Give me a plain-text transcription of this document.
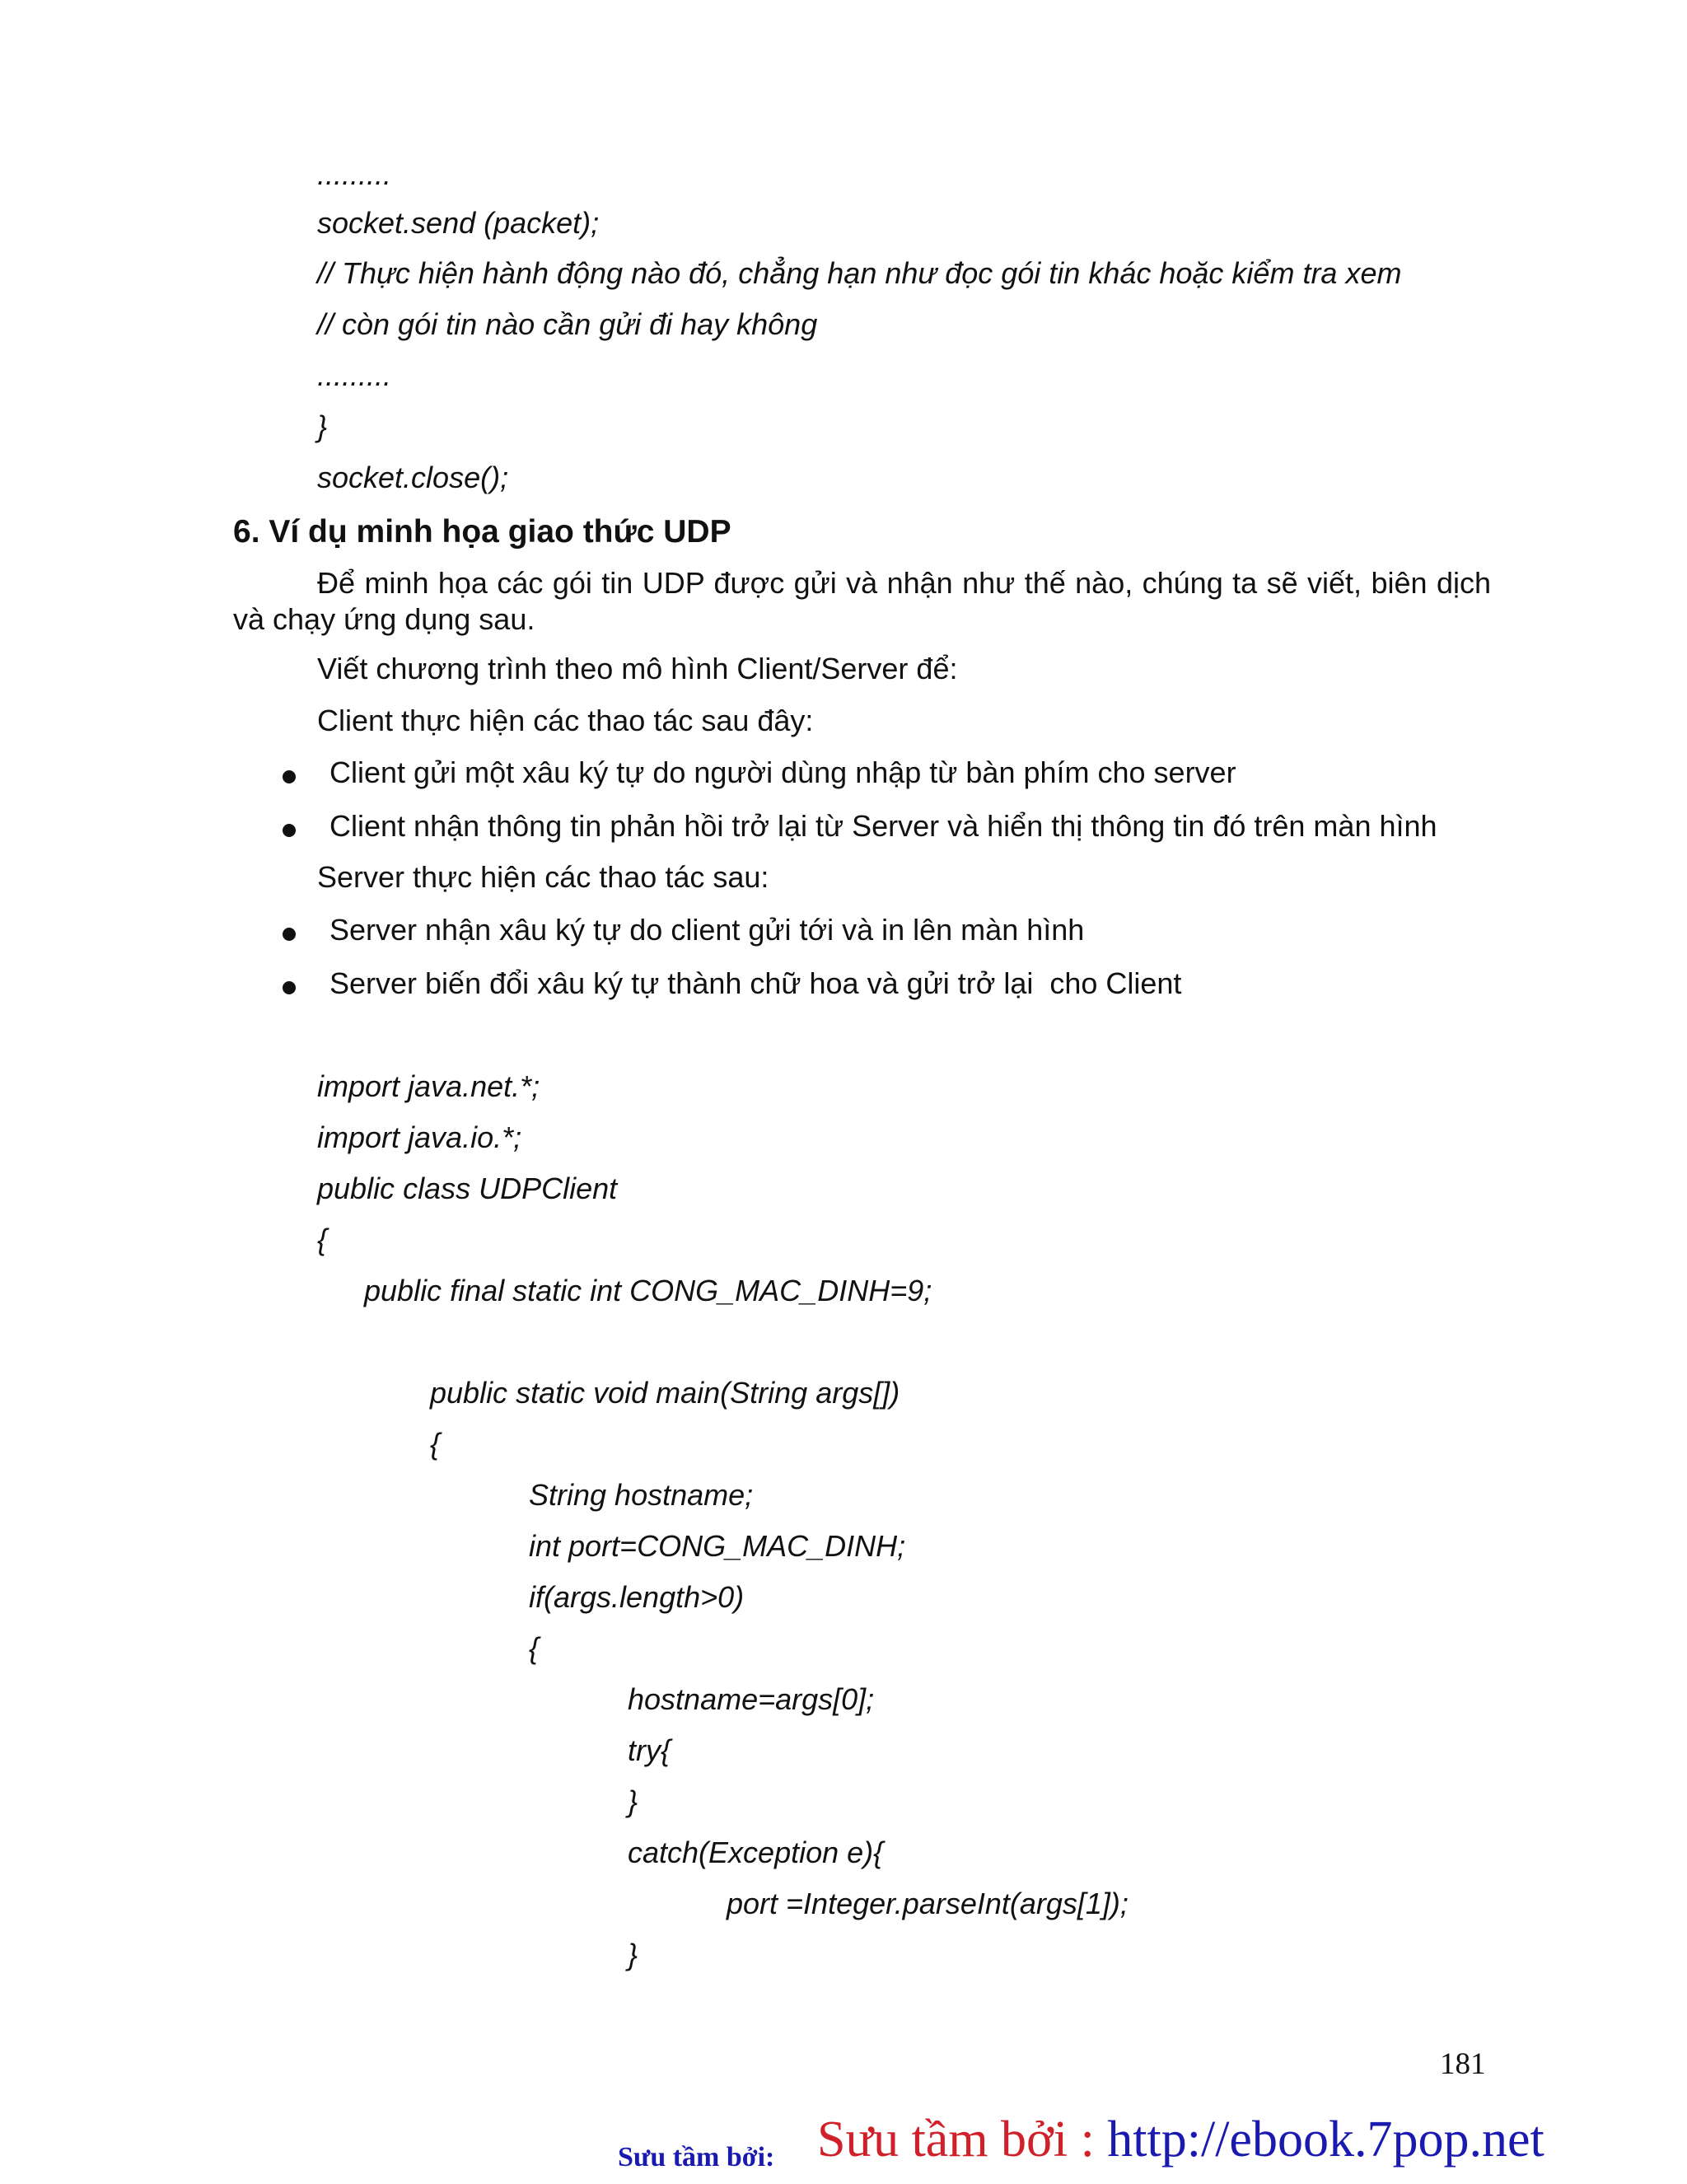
.........
socket.send (packet);
// Thực hiện hành động nào đó, chẳng hạn như đọc gói tin khác hoặc kiểm tra xem
// còn gói tin nào cần gửi đi hay không
.........
}
socket.close();
6. Ví dụ minh họa giao thức UDP
Để minh họa các gói tin UDP được gửi và nhận như thế nào, chúng ta sẽ viết, biên dịch và chạy ứng dụng sau.
Viết chương trình theo mô hình Client/Server để:
Client thực hiện các thao tác sau đây:
Client gửi một xâu ký tự do người dùng nhập từ bàn phím cho server
Client nhận thông tin phản hồi trở lại từ Server và hiển thị thông tin đó trên màn hình
Server thực hiện các thao tác sau:
Server nhận xâu ký tự do client gửi tới và in lên màn hình
Server biến đổi xâu ký tự thành chữ hoa và gửi trở lại  cho Client
import java.net.*;
import java.io.*;
public class UDPClient
{
public final static int CONG_MAC_DINH=9;
public static void main(String args[])
{
String hostname;
int port=CONG_MAC_DINH;
if(args.length>0)
{
hostname=args[0];
try{
}
catch(Exception e){
port =Integer.parseInt(args[1]);
}
181
Sưu tầm bởi: Sưu tầm bởi : http://ebook.7pop.net
